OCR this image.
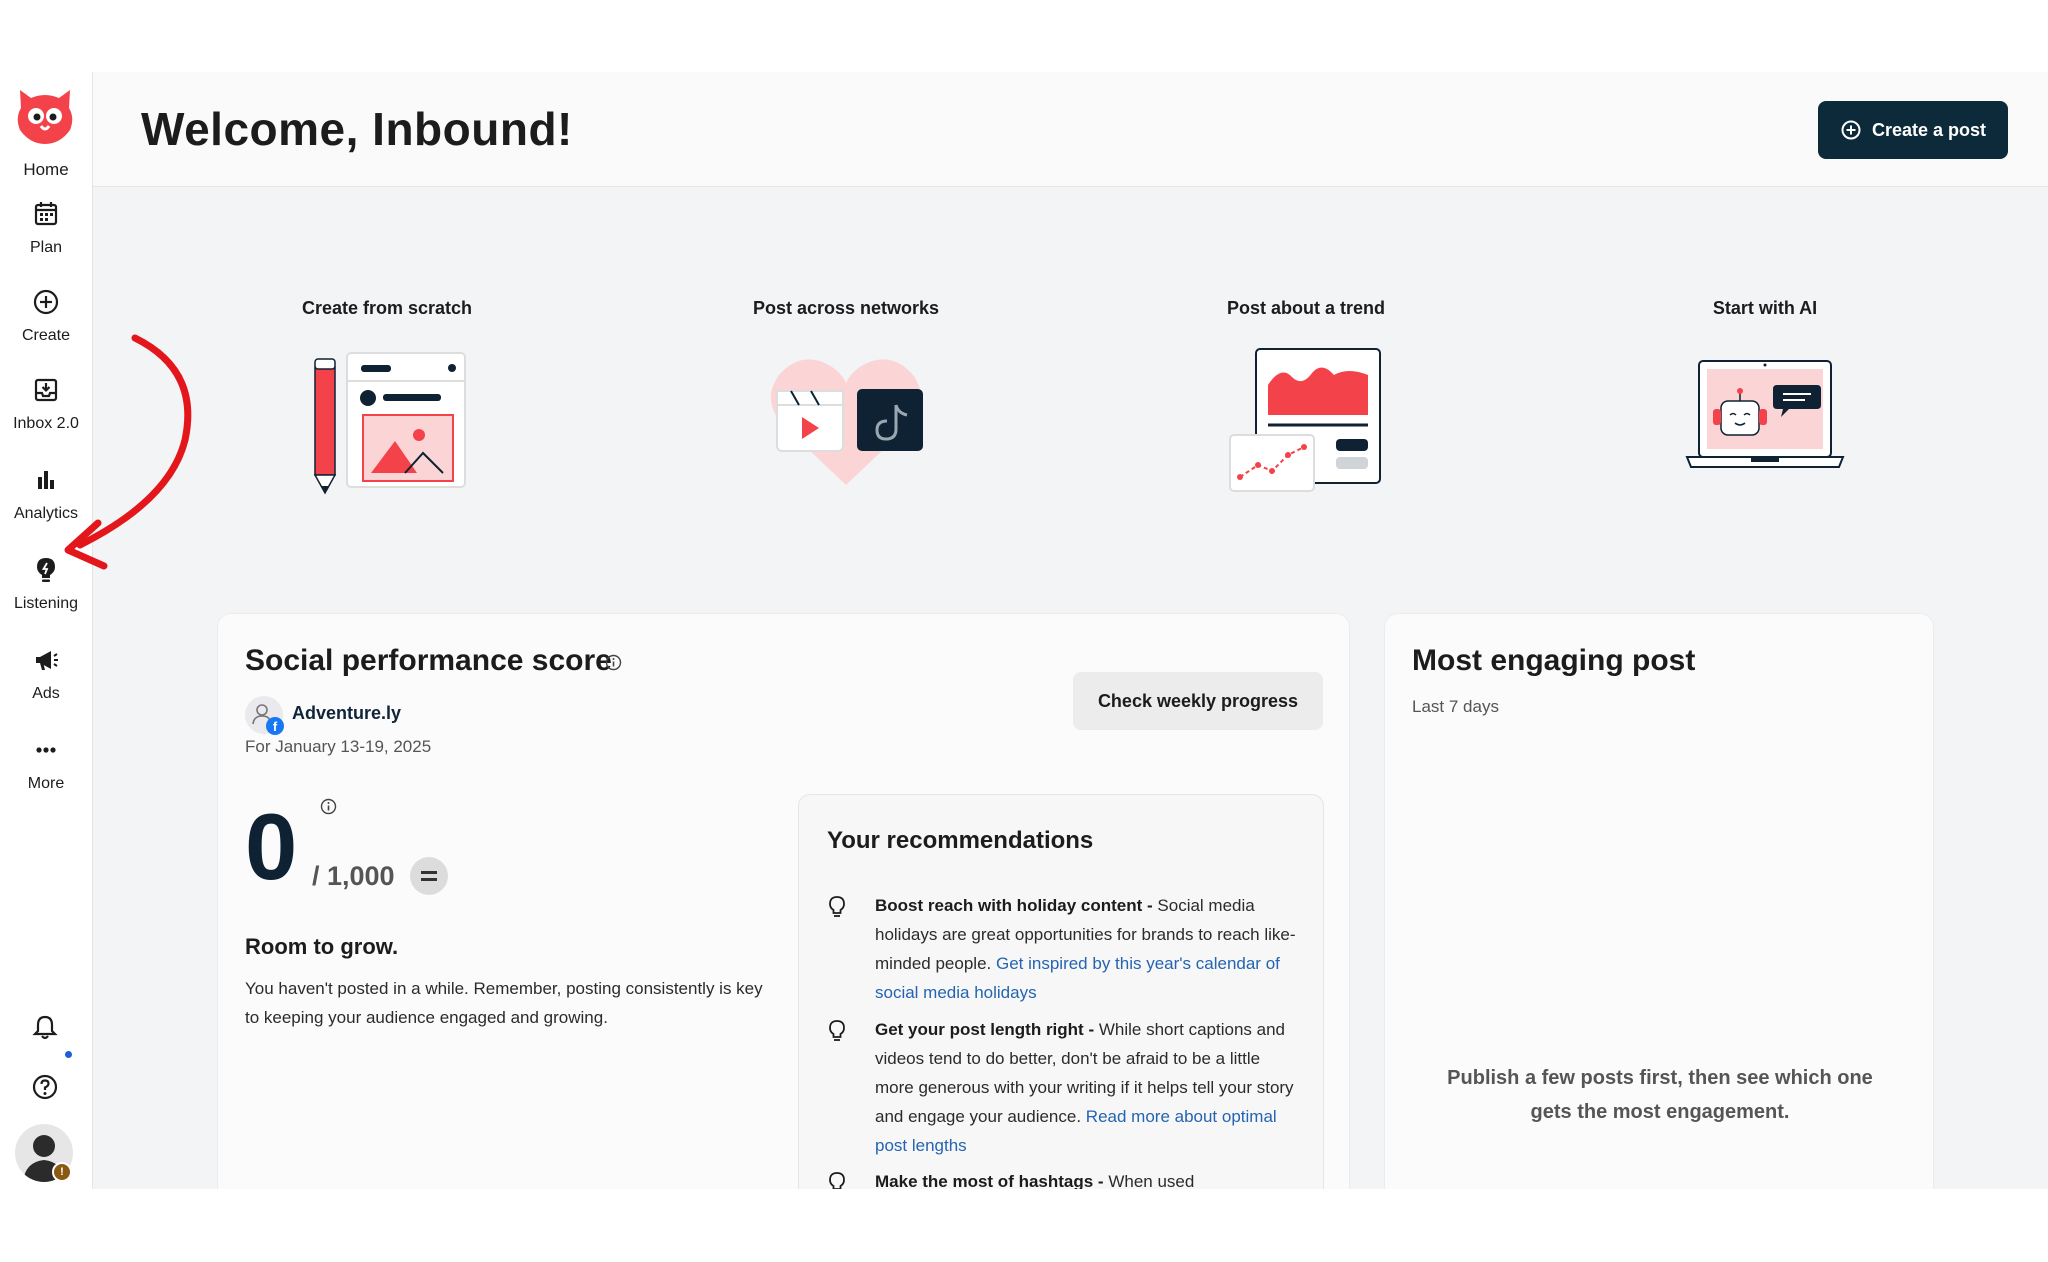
Home
Plan
Create
Inbox 2.0
Analytics
Listening
Ads
More
!
Welcome, Inbound!	Create a post
Create from scratch	Post across networks	Post about a trend	Start with AI
Social performance score
f
Adventure.ly
For January 13-19, 2025
Check weekly progress
0 / 1,000
Room to grow.

You haven't posted in a while. Remember, posting consistently is key to keeping your audience engaged and growing.

Your recommendations

Boost reach with holiday content - Social media holidays are great opportunities for brands to reach like-minded people. Get inspired by this year's calendar of social media holidays

Get your post length right - While short captions and videos tend to do better, don't be afraid to be a little more generous with your writing if it helps tell your story and engage your audience. Read more about optimal post lengths

Make the most of hashtags - When used

Most engaging post
Last 7 days

Publish a few posts first, then see which one gets the most engagement.
